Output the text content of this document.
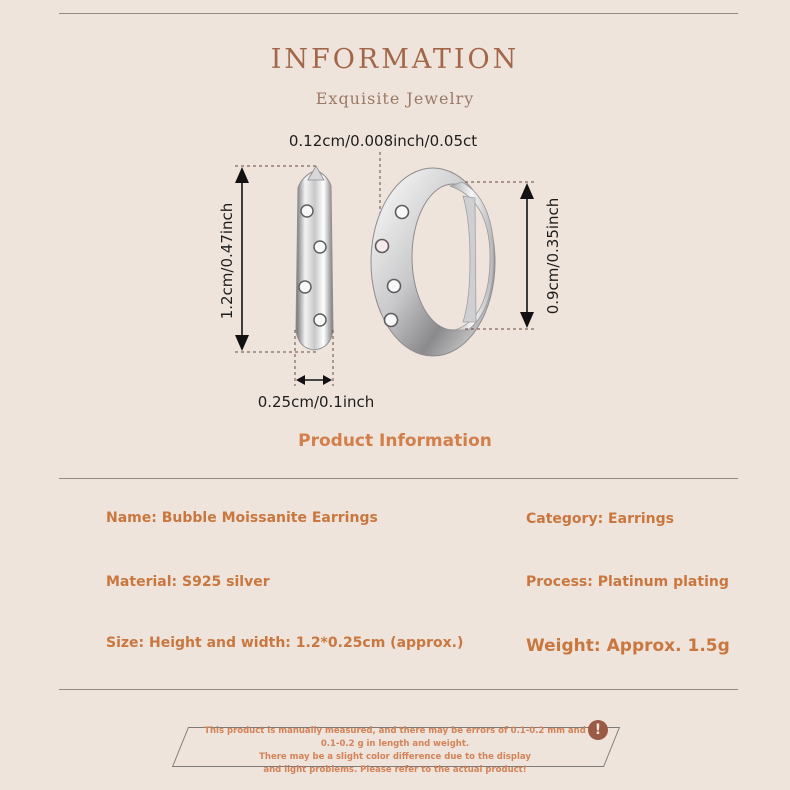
INFORMATION
Exquisite Jewelry
0.12cm/0.008inch/0.05ct
1.2cm/0.47inch
0.25cm/0.1inch
0.9cm/0.35inch
Product Information
Name: Bubble Moissanite Earrings	Category: Earrings
Material: S925 silver	Process: Platinum plating
Size: Height and width: 1.2*0.25cm (approx.)	Weight: Approx. 1.5g
This product is manually measured, and there may be errors of 0.1-0.2 mm and 0.1-0.2 g in length and weight.
There may be a slight color difference due to the display
and light problems. Please refer to the actual product!
!
